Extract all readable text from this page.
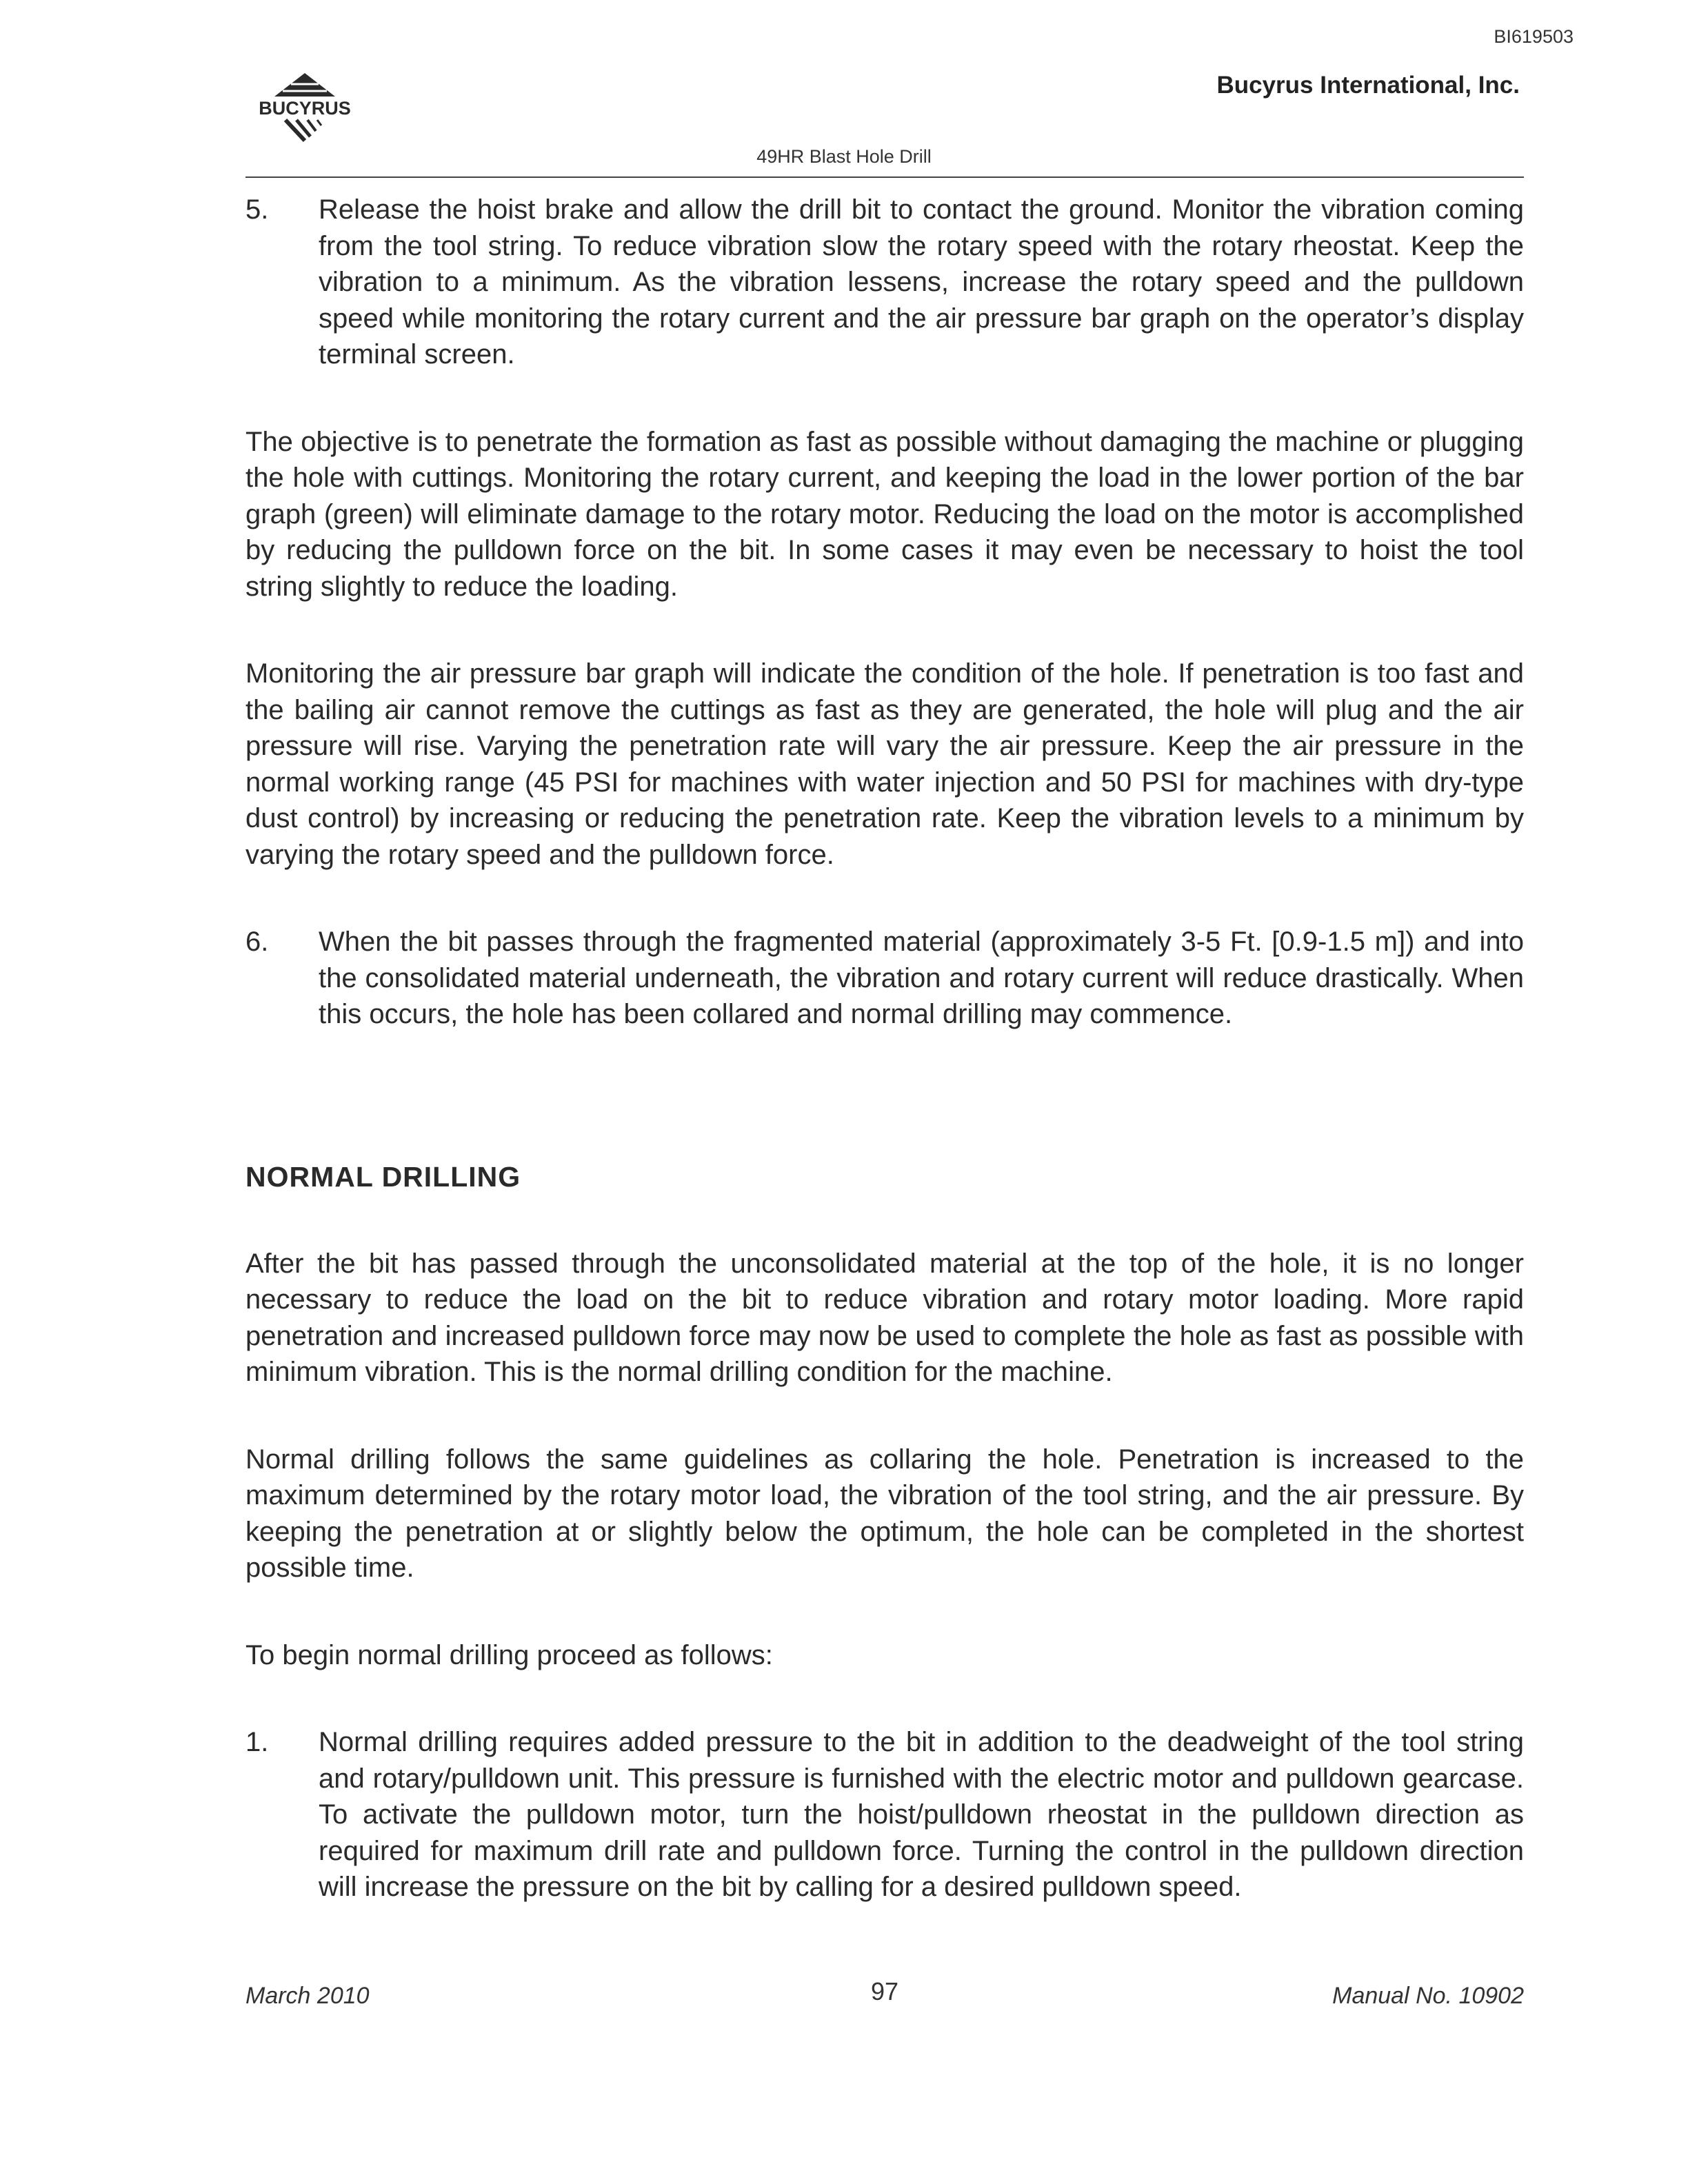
BI619503
BUCYRUS
Bucyrus International, Inc.
49HR Blast Hole Drill
5.	Release the hoist brake and allow the drill bit to contact the ground. Monitor the vibration coming from the tool string. To reduce vibration slow the rotary speed with the rotary rheostat. Keep the vibration to a minimum. As the vibration lessens, increase the rotary speed and the pulldown speed while monitoring the rotary current and the air pressure bar graph on the operator’s display terminal screen.

The objective is to penetrate the formation as fast as possible without damaging the machine or plugging the hole with cuttings. Monitoring the rotary current, and keeping the load in the lower portion of the bar graph (green) will eliminate damage to the rotary motor. Reducing the load on the motor is accomplished by reducing the pulldown force on the bit. In some cases it may even be necessary to hoist the tool string slightly to reduce the loading.

Monitoring the air pressure bar graph will indicate the condition of the hole. If penetration is too fast and the bailing air cannot remove the cuttings as fast as they are generated, the hole will plug and the air pressure will rise. Varying the penetration rate will vary the air pressure. Keep the air pressure in the normal working range (45 PSI for machines with water injection and 50 PSI for machines with dry-type dust control) by increasing or reducing the penetration rate. Keep the vibration levels to a minimum by varying the rotary speed and the pulldown force.

6.	When the bit passes through the fragmented material (approximately 3-5 Ft. [0.9-1.5 m]) and into the consolidated material underneath, the vibration and rotary current will reduce drastically. When this occurs, the hole has been collared and normal drilling may commence.

NORMAL DRILLING

After the bit has passed through the unconsolidated material at the top of the hole, it is no longer necessary to reduce the load on the bit to reduce vibration and rotary motor loading. More rapid penetration and increased pulldown force may now be used to complete the hole as fast as possible with minimum vibration. This is the normal drilling condition for the machine.

Normal drilling follows the same guidelines as collaring the hole. Penetration is increased to the maximum determined by the rotary motor load, the vibration of the tool string, and the air pressure. By keeping the penetration at or slightly below the optimum, the hole can be completed in the shortest possible time.

To begin normal drilling proceed as follows:

1.	Normal drilling requires added pressure to the bit in addition to the deadweight of the tool string and rotary/pulldown unit. This pressure is furnished with the electric motor and pulldown gearcase. To activate the pulldown motor, turn the hoist/pulldown rheostat in the pulldown direction as required for maximum drill rate and pulldown force. Turning the control in the pulldown direction will increase the pressure on the bit by calling for a desired pulldown speed.

March 2010	97	Manual No. 10902
